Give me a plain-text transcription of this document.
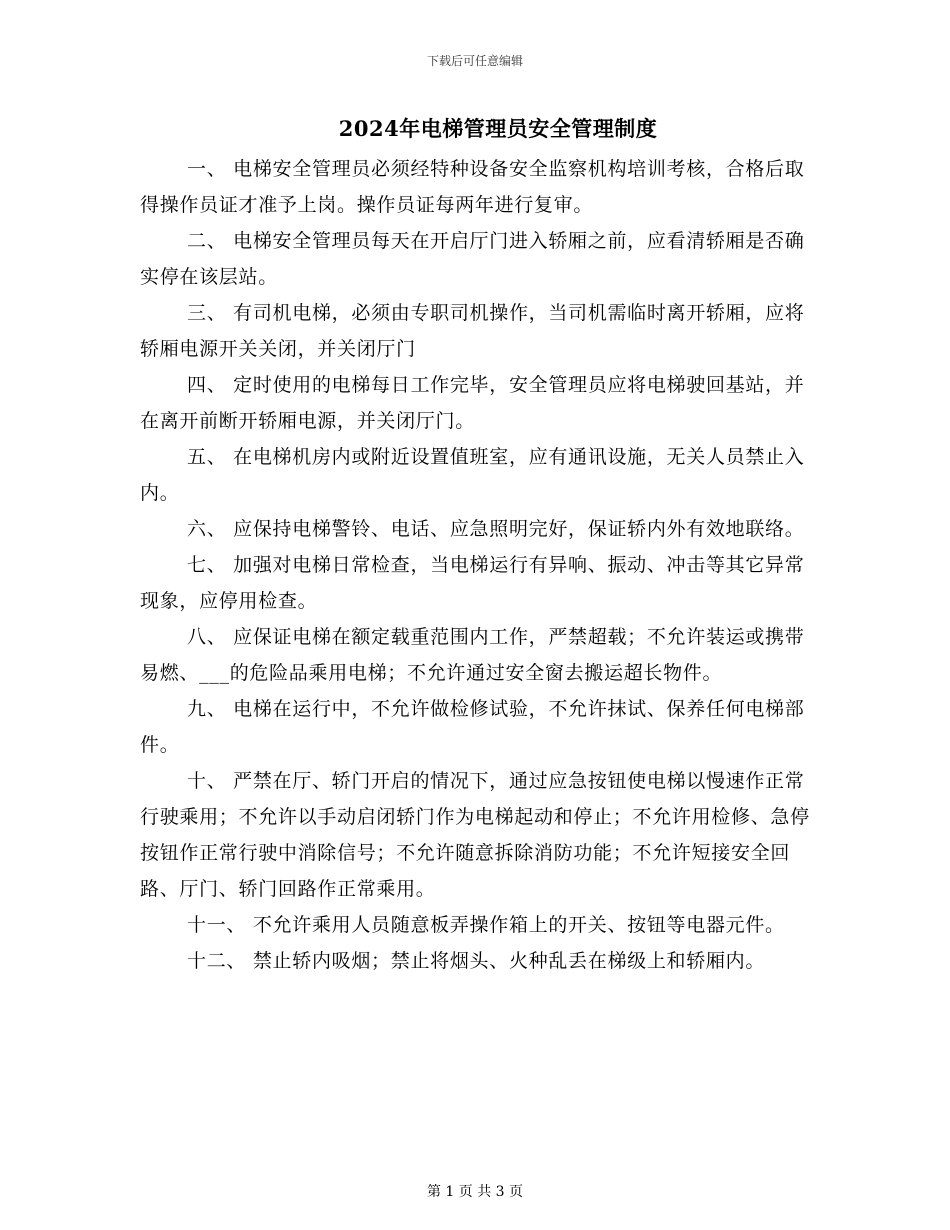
下载后可任意编辑
2024年电梯管理员安全管理制度

一、 电梯安全管理员必须经特种设备安全监察机构培训考核，合格后取得操作员证才准予上岗。操作员证每两年进行复审。

二、 电梯安全管理员每天在开启厅门进入轿厢之前，应看清轿厢是否确实停在该层站。

三、 有司机电梯，必须由专职司机操作，当司机需临时离开轿厢，应将轿厢电源开关关闭，并关闭厅门

四、 定时使用的电梯每日工作完毕，安全管理员应将电梯驶回基站，并在离开前断开轿厢电源，并关闭厅门。

五、 在电梯机房内或附近设置值班室，应有通讯设施，无关人员禁止入内。

六、 应保持电梯警铃、电话、应急照明完好，保证轿内外有效地联络。

七、 加强对电梯日常检查，当电梯运行有异响、振动、冲击等其它异常现象，应停用检查。

八、 应保证电梯在额定载重范围内工作，严禁超载；不允许装运或携带易燃、___的危险品乘用电梯；不允许通过安全窗去搬运超长物件。

九、 电梯在运行中，不允许做检修试验，不允许抹试、保养任何电梯部件。

十、 严禁在厅、轿门开启的情况下，通过应急按钮使电梯以慢速作正常行驶乘用；不允许以手动启闭轿门作为电梯起动和停止；不允许用检修、急停按钮作正常行驶中消除信号；不允许随意拆除消防功能；不允许短接安全回路、厅门、轿门回路作正常乘用。

十一、 不允许乘用人员随意板弄操作箱上的开关、按钮等电器元件。

十二、 禁止轿内吸烟；禁止将烟头、火种乱丢在梯级上和轿厢内。

第 1 页 共 3 页
